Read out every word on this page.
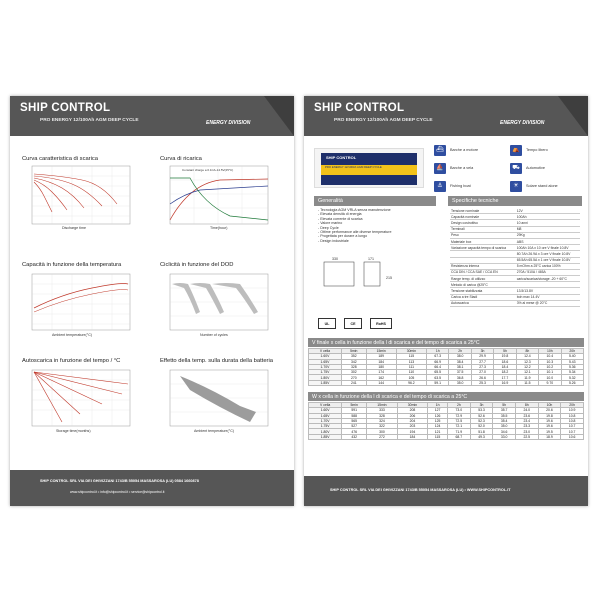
SHIP CONTROL
PRO ENERGY 12/100Ah AGM DEEP CYCLE	ENERGY DIVISION
Curva caratteristica di scarica
Discharge time
Curva di ricarica
Constant charge a 0.1CA-14.5V(25°C)
Time(hour)
Capacità in funzione della temperatura
Ambient temperature(°C)
Ciclicità in funzione del DOD
Number of cycles
Autoscarica in funzione del tempo / °C
Storage time(months)
Effetto della temp. sulla durata della batteria
Ambient temperature(°C)
SHIP CONTROL SRL VIA DEI GHIVIZZANI 1743/B 55054 MASSAROSA (LU) 0584 1660878
www.shipcontrol.it • info@shipcontrol.it • service@shipcontrol.it
SHIP CONTROL
PRO ENERGY 12/100Ah AGM DEEP CYCLE	ENERGY DIVISION
SHIP CONTROL
PRO ENERGY 12/100Ah AGM DEEP CYCLE
⛴	Barche a motore	⛺	Tempo libero
⛵	Barche a vela	⛟	Automotive
⚓	Fishing boat	☀	Solare stand alone
Generalità
- Tecnologia AGM VRLA senza manutenzione
- Elevata densità di energia
- Elevata corrente di scarica
- Valore marino
- Deep Cycle
- Ottime performance alle diverse temperature
- Progettata per durare a lungo
- Design industriale
330	171
215
UL	CE	RoHS
Specifiche tecniche
Tensione nominale	12V
Capacità nominale	100Ah
Design costruttivo	10 anni
Terminali	M8
Peso	29Kg
Materiale box	ABS
Variazione capacità tempo di scarica	100Ah 10A x 10 ore V finale 10.8V
	80.7Ah 26.9A x 3 ore V finale 10.8V
	65.5Ah 65.5A x 1 ore V finale 10.8V
Resistenza interna	5 mOhm a 25°C carica 100%
CCA DIN / CCA SAE / CCA EN	270A / 510A / 465A
Range temp. di utilizzo	carica/scarica/storage -20 + 60°C
Metodo di carica @25°C	
Tensione stabilizzata	13.5/13.8V
Carica a tre Stadi	boh max 14.4V
Autoscarica	3% al mese @ 20°C
V finale x cella in funzione della l di scarica e del tempo di scarica a 25°C
V cella	5min	15min	30min	1h	2h	3h	5h	8h	10h	20h
1.60V	352	189	115	67.3	38.0	29.9	19.8	12.4	10.4	5.40
1.65V	342	184	113	66.9	38.4	27.7	18.6	12.3	10.3	5.43
1.70V	328	180	111	66.4	38.1	27.3	18.4	12.2	10.2	5.36
1.75V	302	174	110	65.5	37.5	27.0	18.2	12.1	10.1	5.34
1.80V	270	162	105	63.5	36.8	26.6	17.7	11.9	10.0	5.32
1.85V	241	144	96.2	59.1	35.0	25.3	16.9	11.5	9.70	5.26
W x cella in funzione della l di scarica e del tempo di scarica a 25°C
V cella	5min	15min	30min	1h	2h	3h	5h	8h	10h	20h
1.60V	591	333	208	127	73.0	53.3	35.7	24.0	20.6	10.9
1.65V	588	328	206	126	72.9	52.6	35.5	23.6	19.8	10.8
1.70V	565	324	204	125	72.5	52.3	35.4	23.4	19.6	10.8
1.75V	527	322	203	124	72.1	52.0	35.0	23.3	19.6	10.7
1.80V	476	300	194	121	71.9	51.8	34.6	23.0	19.5	10.7
1.85V	432	272	184	115	68.7	49.3	33.0	22.5	18.9	10.6
SHIP CONTROL SRL VIA DEI GHIVIZZANI 1743/B 55054 MASSAROSA (LU) • WWW.SHIPCONTROL.IT
